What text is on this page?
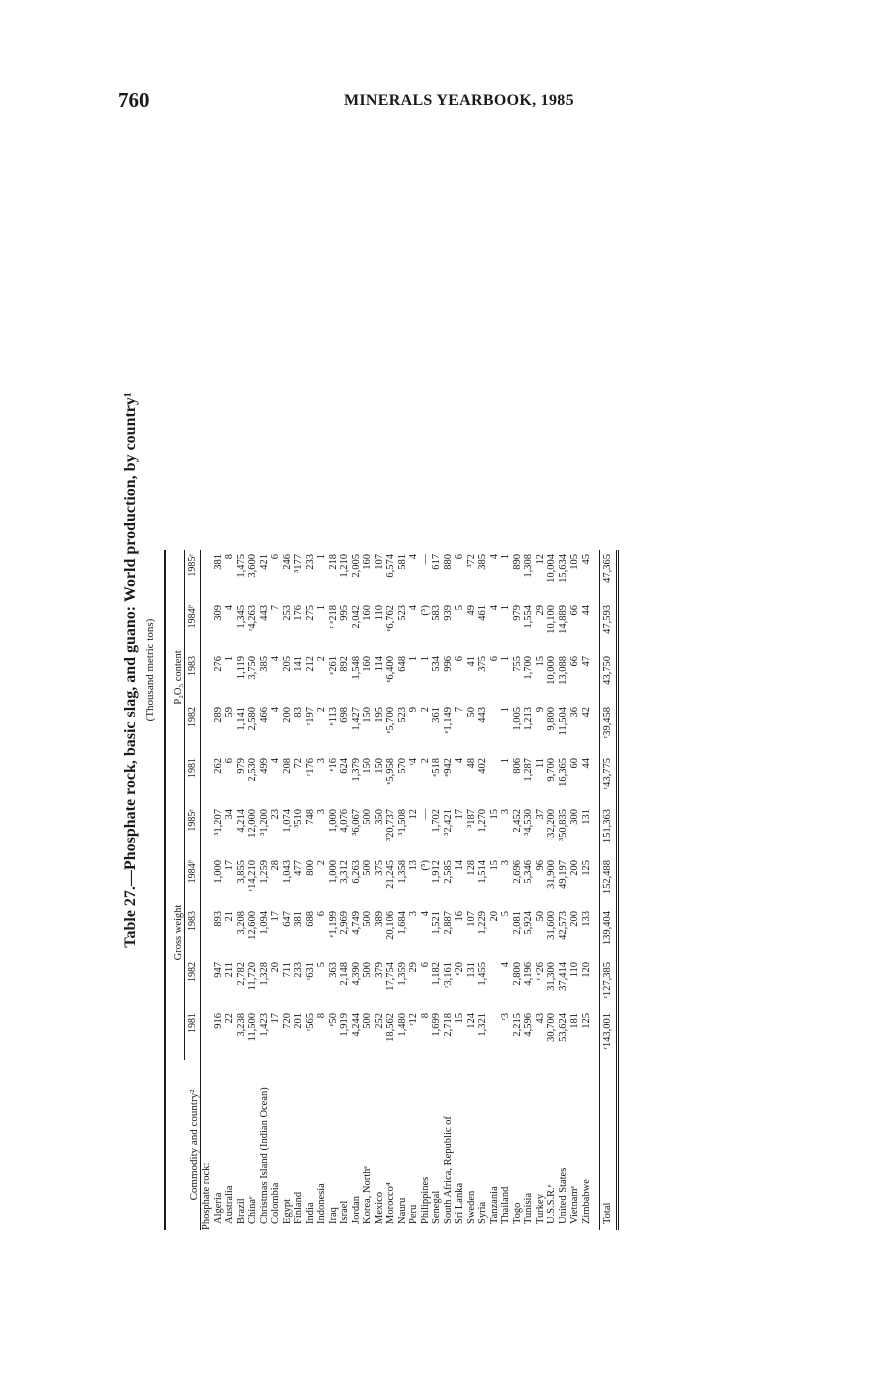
760	MINERALS YEARBOOK, 1985
Table 27.—Phosphate rock, basic slag, and guano: World production, by country¹ (Thousand metric tons)
Commodity and country²	Gross weight					P₂O₅ content				
	1981	1982	1983	1984ᴾ	1985ᵉ	1981	1982	1983	1984ᴾ	1985ᵉ
Phosphate rock:										
Algeria	916	947	893	1,000	³1,207	262	289	276	309	381
Australia	22	211	21	17	34	6	59	1	4	8
Brazil	3,238	2,782	3,208	3,855	4,214	979	1,141	1,119	1,345	1,475
Chinaᵉ	11,500	11,720	12,600	ʳ14,210	12,000	2,530	2,580	3,750	ʳ4,263	3,600
Christmas Island (Indian Ocean)	1,423	1,328	1,094	1,259	³1,200	499	466	385	443	421
Colombia	17	20	17	28	23	4	4	4	7	6
Egypt	720	711	647	1,043	1,074	208	200	205	253	246
Finland	201	233	381	477	³510	72	83	141	176	³177
India	ʳ565	ʳ631	688	800	748	ʳ176	ʳ197	212	275	233
Indonesia	8	5	6	2	3	3	2	2	1	1
Iraq	ᵉ50	363	ᵉ1,199	1,000	1,000	ᵉ16	ᵉ113	ᵉ261	ʳ ᵉ218	218
Israel	1,919	2,148	2,969	3,312	4,076	624	698	892	995	1,210
Jordan	4,244	4,390	4,749	6,263	³6,067	1,379	1,427	1,548	2,042	2,005
Korea, Northᵉ	500	500	500	500	500	150	150	160	160	160
Mexico	252	379	389	375	350	150	195	114	110	107
Morocco⁴	18,562	17,754	20,106	21,245	³20,737	ᵉ5,958	ᵉ5,700	ᵉ6,400	ᵉ6,762	6,574
Nauru	1,480	1,359	1,684	1,358	³1,508	570	523	648	523	581
Peru	ʳ12	29	3	13	12	ʳ4	9	1	4	4
Philippines	8	6	4	(⁵)	—	2	2	1	(⁵)	—
Senegal	1,699	1,182	1,521	1,912	1,702	ᵉ518	361	534	583	617
South Africa, Republic of	2,718	ʳ3,161	2,887	2,585	³2,421	ᵉ942	ᵉ1,149	996	939	880
Sri Lanka	15	ᵉ20	16	14	17	4	7	6	5	6
Sweden	124	131	107	128	³187	48	50	41	49	³72
Syria	1,321	1,455	1,229	1,514	1,270	402	443	375	461	385
Tanzania			20	15	15			6	4	4
Thailand	ʳ3	4	5	3	3	1	1	1	1	1
Togo	2,215	2,800	2,081	2,696	2,452	806	1,005	755	979	890
Tunisia	4,596	4,196	5,924	5,346	³4,530	1,287	1,213	1,700	1,554	1,308
Turkey	43	ʳ ᵉ26	50	96	37	11	9	15	29	12
U.S.S.R.ᵉ	30,700	31,300	31,600	31,900	32,200	9,700	9,800	10,000	10,100	10,004
United States	53,624	37,414	42,573	49,197	³50,835	16,365	11,504	13,088	14,889	15,634
Vietnamᵉ	181	110	200	200	300	60	36	66	66	105
Zimbabwe	125	120	133	125	131	44	42	47	44	45

Total	ʳ143,001	ʳ127,385	139,404	152,488	151,363	ʳ43,775	ʳ39,458	43,750	47,593	47,365
